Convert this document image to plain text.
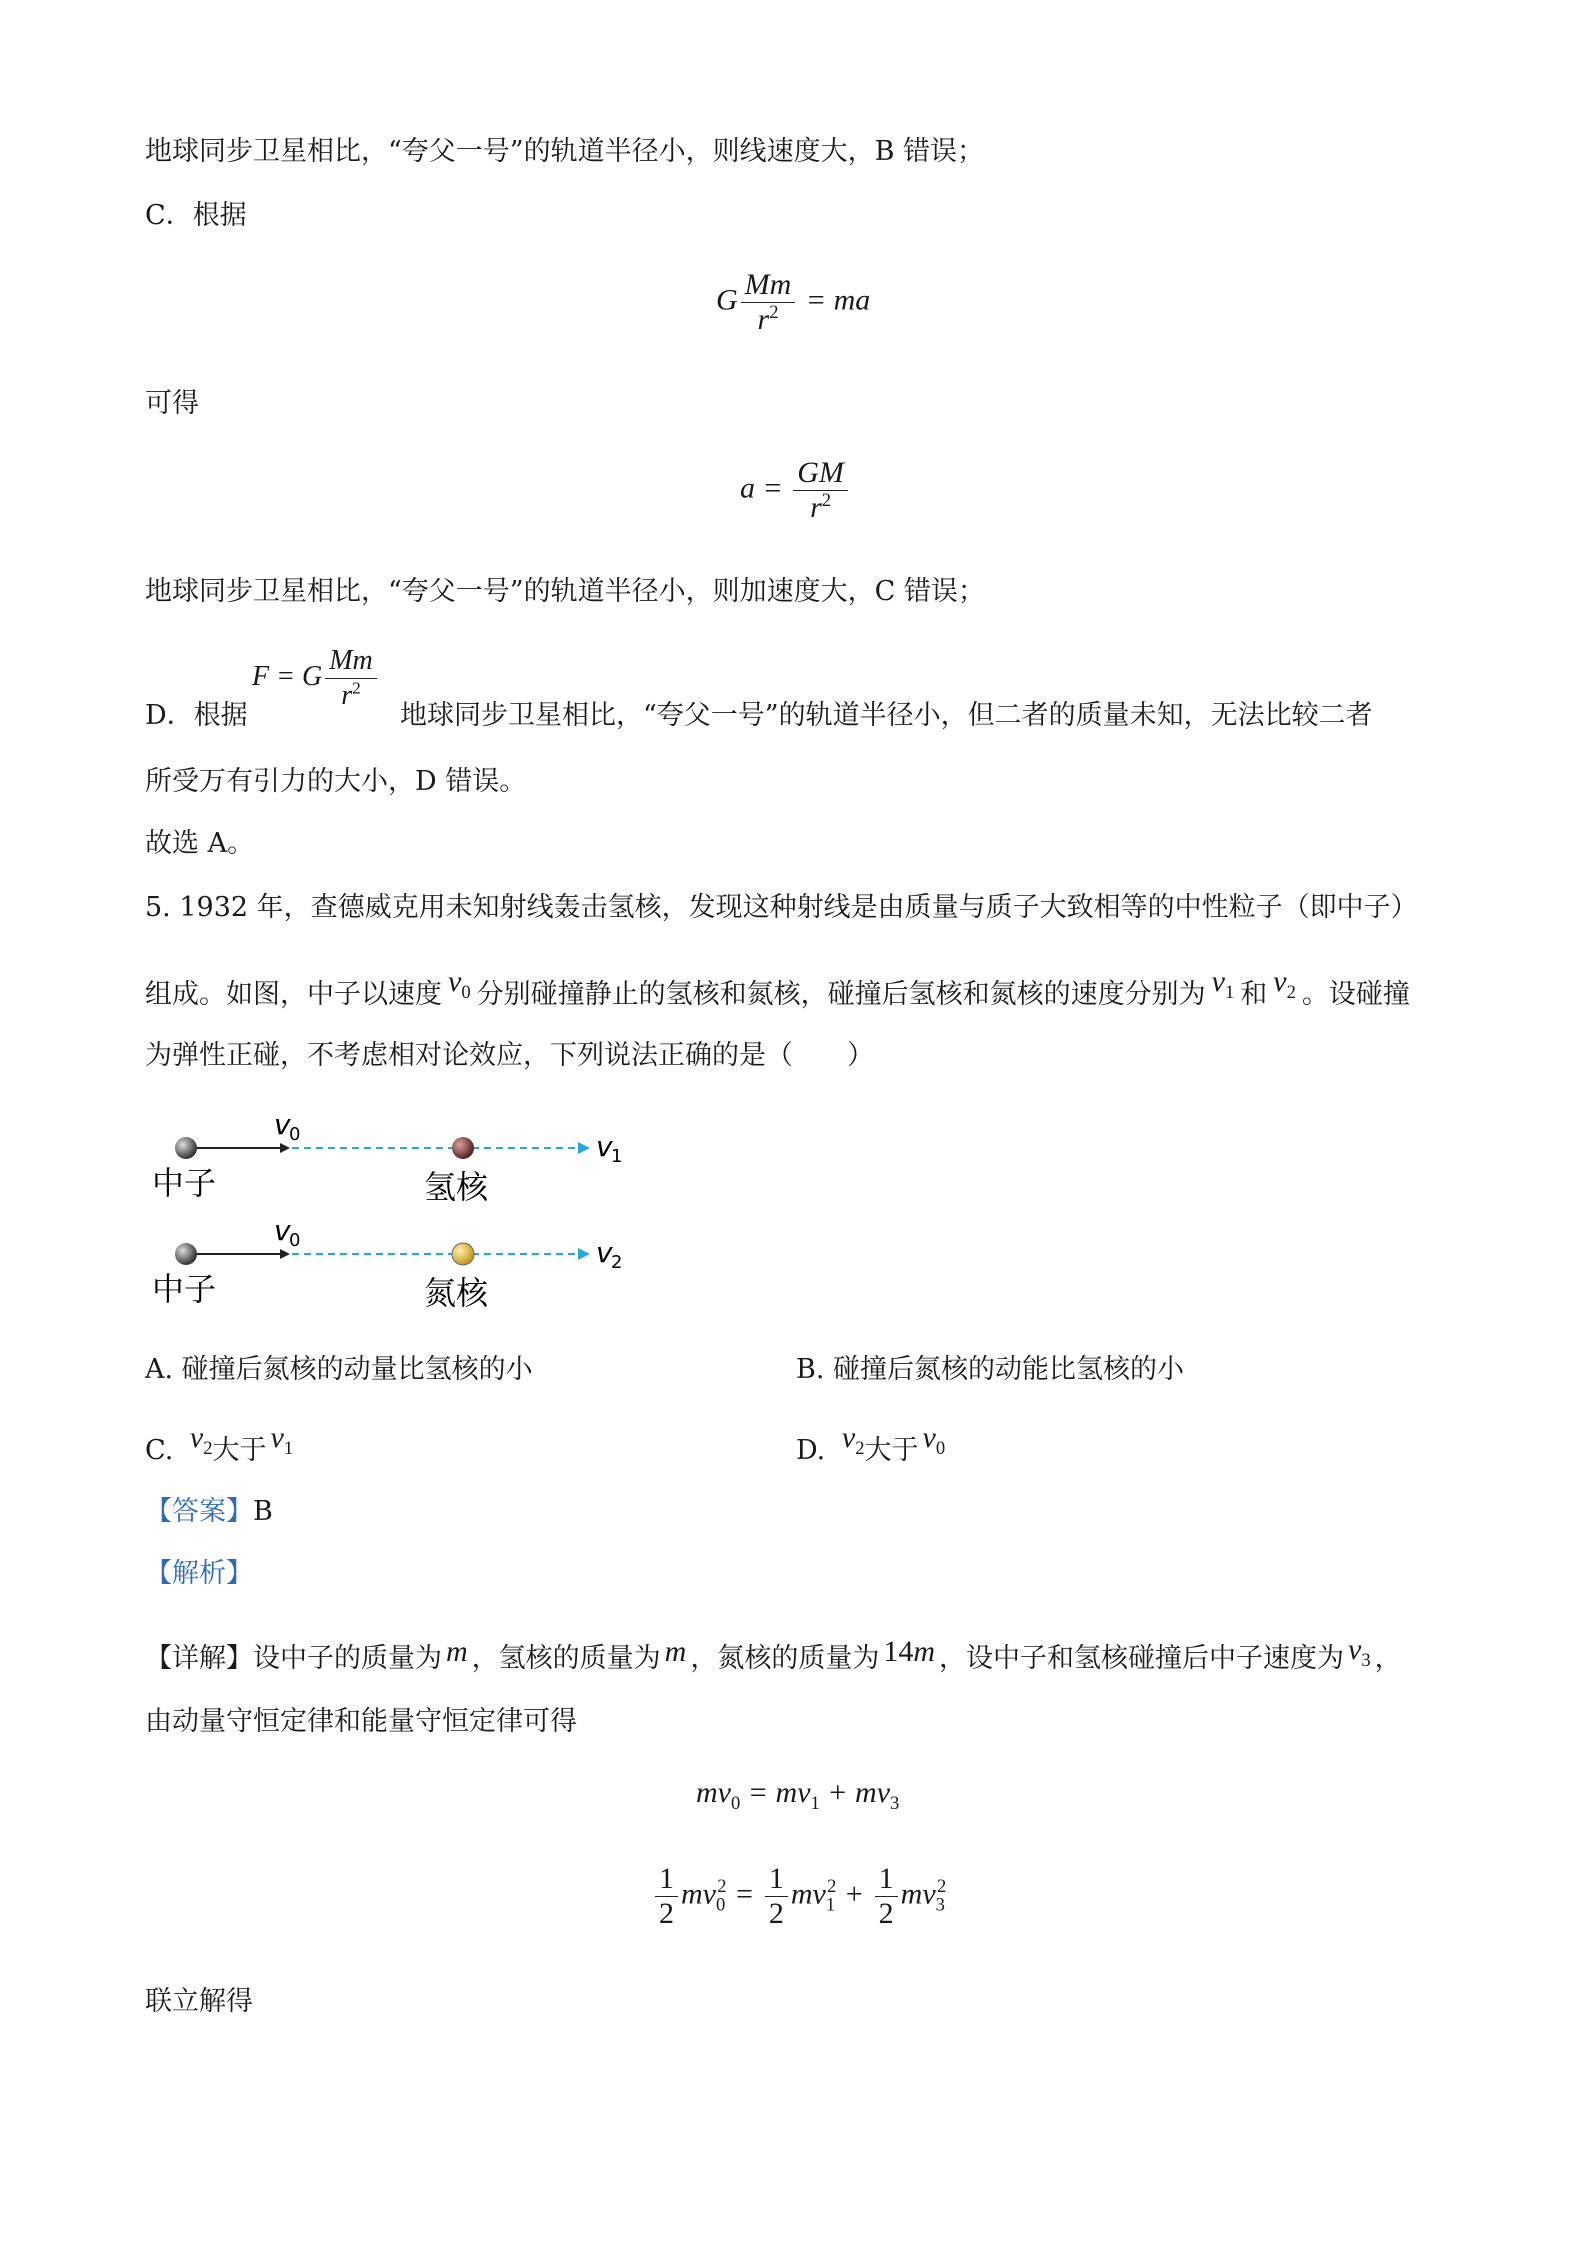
地球同步卫星相比，“夸父一号”的轨道半径小，则线速度大，B 错误；
C．根据
G $\frac{Mm}{r^2}$ = ma
可得
$a = \frac{GM}{r^2}$
地球同步卫星相比，“夸父一号”的轨道半径小，则加速度大，C 错误；
D．根据
F = G $\frac{Mm}{r^2}$
地球同步卫星相比，“夸父一号”的轨道半径小，但二者的质量未知，无法比较二者
所受万有引力的大小，D 错误。
故选 A。
5. 1932 年，查德威克用未知射线轰击氢核，发现这种射线是由质量与质子大致相等的中性粒子（即中子）
组成。如图，中子以速度 $v_0$ 分别碰撞静止的氢核和氮核，碰撞后氢核和氮核的速度分别为 $v_1$ 和 $v_2$ 。设碰撞
为弹性正碰，不考虑相对论效应，下列说法正确的是（　　）
v
0	v
1
中子	氢核
v
0	v
2
中子	氮核
A. 碰撞后氮核的动量比氢核的小	B. 碰撞后氮核的动能比氢核的小
C. $v_2$大于 $v_1$	D. $v_2$大于 $v_0$
【答案】B
【解析】
【详解】设中子的质量为 m ，氢核的质量为 m ，氮核的质量为 14m ，设中子和氢核碰撞后中子速度为 $v_3$ ，
由动量守恒定律和能量守恒定律可得
$mv_0 = mv_1 + mv_3$
$\frac{1}{2} mv_0^2 = \frac{1}{2} mv_1^2 + \frac{1}{2} mv_3^2$
联立解得
